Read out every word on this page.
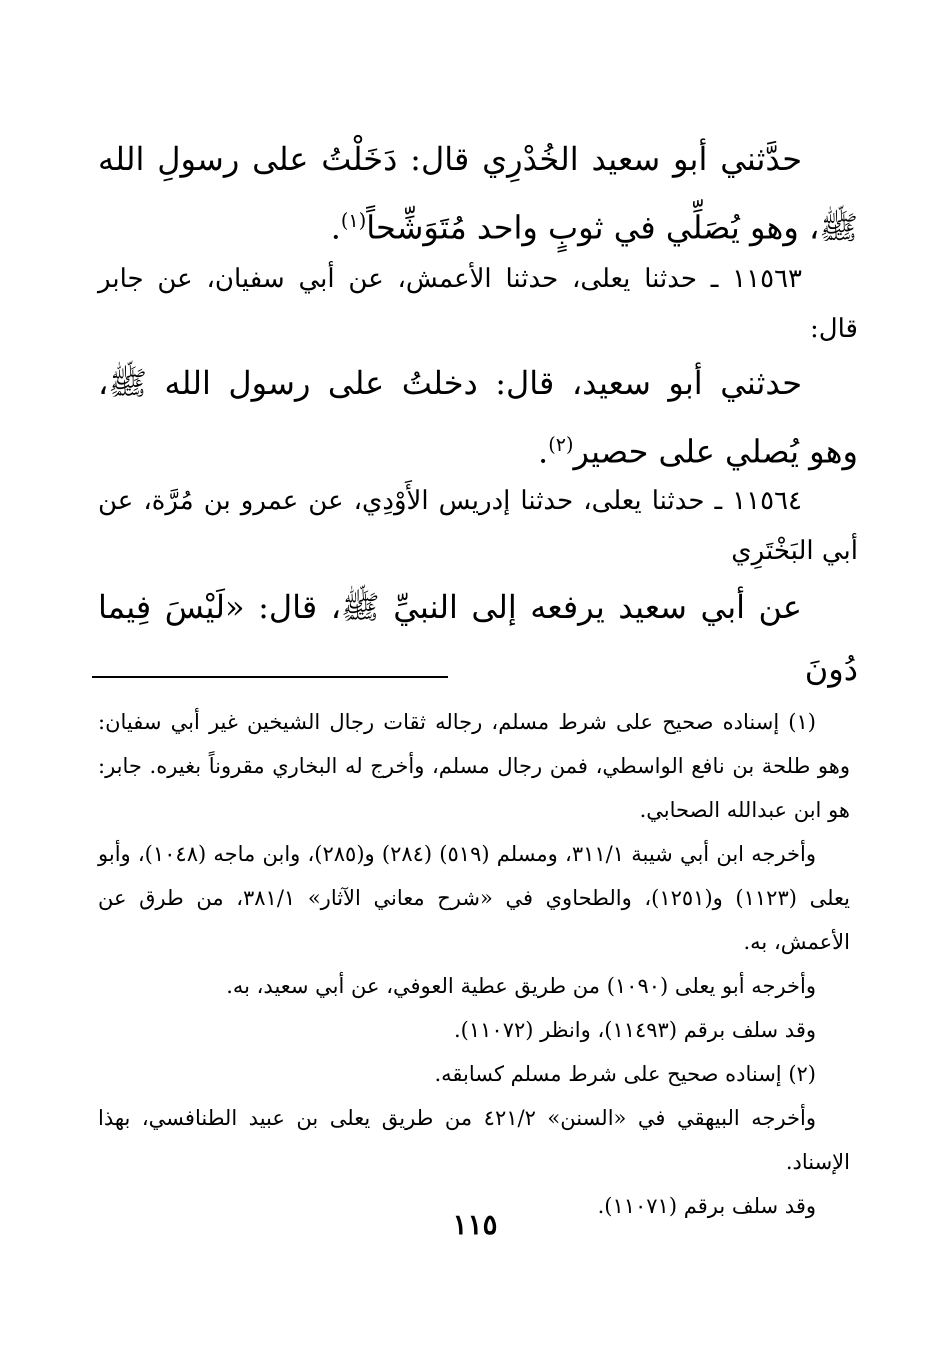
حدَّثني أبو سعيد الخُدْرِي قال: دَخَلْتُ على رسولِ الله ﷺ، وهو يُصَلِّي في ثوبٍ واحد مُتَوَشِّحاً$^{(١)}$.

١١٥٦٣ ـ حدثنا يعلى، حدثنا الأعمش، عن أبي سفيان، عن جابر قال:

حدثني أبو سعيد، قال: دخلتُ على رسول الله ﷺ، وهو يُصلي على حصير$^{(٢)}$.

١١٥٦٤ ـ حدثنا يعلى، حدثنا إدريس الأَوْدِي، عن عمرو بن مُرَّة، عن أبي البَخْتَرِي

عن أبي سعيد يرفعه إلى النبيِّ ﷺ، قال: «لَيْسَ فِيما دُونَ

(١) إسناده صحيح على شرط مسلم، رجاله ثقات رجال الشيخين غير أبي سفيان: وهو طلحة بن نافع الواسطي، فمن رجال مسلم، وأخرج له البخاري مقروناً بغيره. جابر: هو ابن عبدالله الصحابي.

وأخرجه ابن أبي شيبة ٣١١/١، ومسلم (٥١٩) (٢٨٤) و(٢٨٥)، وابن ماجه (١٠٤٨)، وأبو يعلى (١١٢٣) و(١٢٥١)، والطحاوي في «شرح معاني الآثار» ٣٨١/١، من طرق عن الأعمش، به.

وأخرجه أبو يعلى (١٠٩٠) من طريق عطية العوفي، عن أبي سعيد، به.

وقد سلف برقم (١١٤٩٣)، وانظر (١١٠٧٢).

(٢) إسناده صحيح على شرط مسلم كسابقه.

وأخرجه البيهقي في «السنن» ٤٢١/٢ من طريق يعلى بن عبيد الطنافسي، بهذا الإسناد.

وقد سلف برقم (١١٠٧١).

١١٥
